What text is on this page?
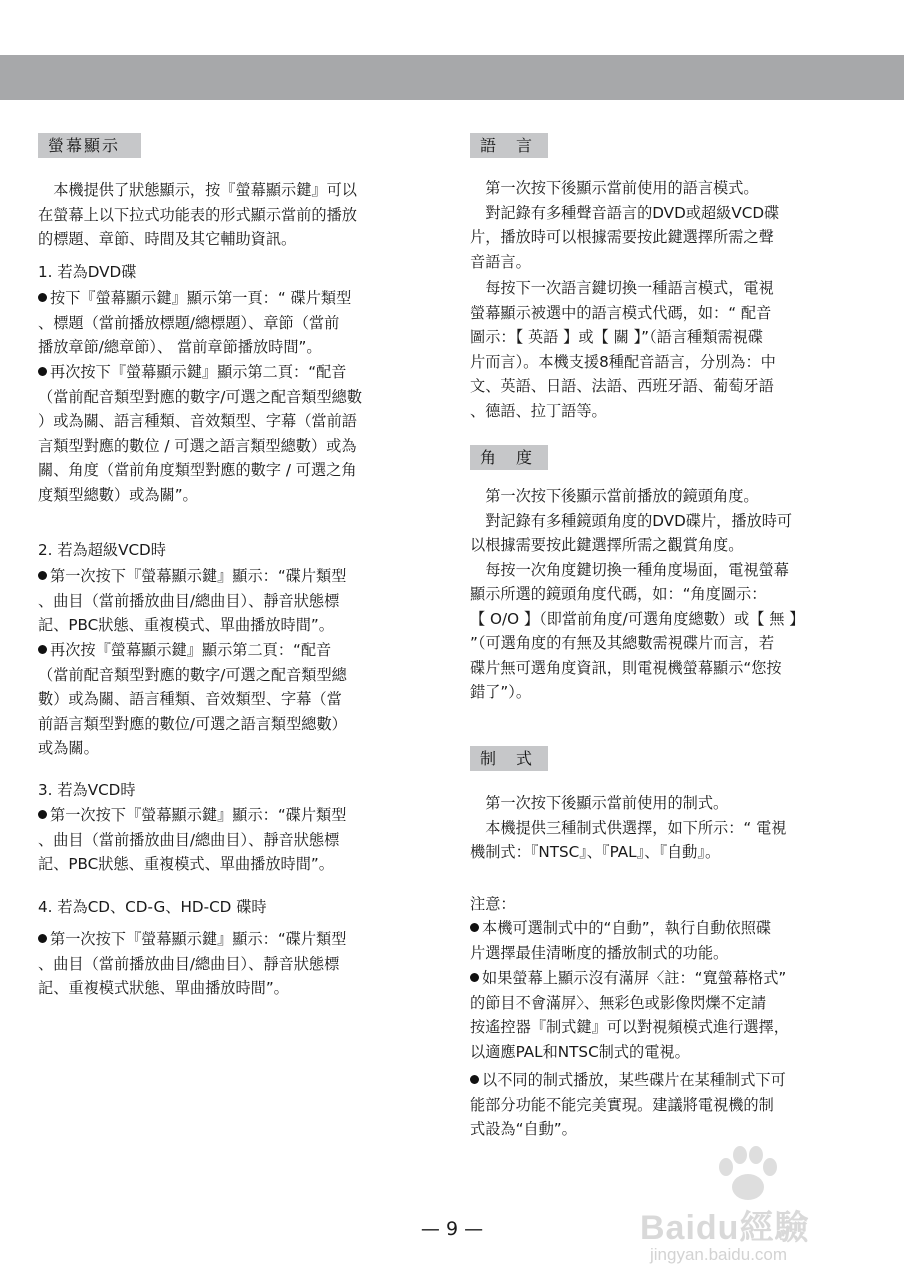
螢幕顯示
　本機提供了狀態顯示，按『螢幕顯示鍵』可以
在螢幕上以下拉式功能表的形式顯示當前的播放
的標題、章節、時間及其它輔助資訊。
1. 若為DVD碟
按下『螢幕顯示鍵』顯示第一頁：“ 碟片類型
、標題（當前播放標題/總標題）、章節（當前
播放章節/總章節）、 當前章節播放時間”。
再次按下『螢幕顯示鍵』顯示第二頁：“配音
（當前配音類型對應的數字/可選之配音類型總數
）或為關、語言種類、音效類型、字幕（當前語
言類型對應的數位 / 可選之語言類型總數）或為
關、角度（當前角度類型對應的數字 / 可選之角
度類型總數）或為關”。
2. 若為超級VCD時
第一次按下『螢幕顯示鍵』顯示：“碟片類型
、曲目（當前播放曲目/總曲目）、靜音狀態標
記、PBC狀態、重複模式、單曲播放時間”。
再次按『螢幕顯示鍵』顯示第二頁：“配音
（當前配音類型對應的數字/可選之配音類型總
數）或為關、語言種類、音效類型、字幕（當
前語言類型對應的數位/可選之語言類型總數）
或為關。
3. 若為VCD時
第一次按下『螢幕顯示鍵』顯示：“碟片類型
、曲目（當前播放曲目/總曲目）、靜音狀態標
記、PBC狀態、重複模式、單曲播放時間”。
4. 若為CD、CD-G、HD-CD 碟時
第一次按下『螢幕顯示鍵』顯示：“碟片類型
、曲目（當前播放曲目/總曲目）、靜音狀態標
記、重複模式狀態、單曲播放時間”。
語　言
　第一次按下後顯示當前使用的語言模式。
　對記錄有多種聲音語言的DVD或超級VCD碟
片，播放時可以根據需要按此鍵選擇所需之聲
音語言。
　每按下一次語言鍵切換一種語言模式，電視
螢幕顯示被選中的語言模式代碼，如：“ 配音
圖示：【 英語 】或【 關 】”（語言種類需視碟
片而言）。本機支援8種配音語言，分別為：中
文、英語、日語、法語、西班牙語、葡萄牙語
、德語、拉丁語等。
角　度
　第一次按下後顯示當前播放的鏡頭角度。
　對記錄有多種鏡頭角度的DVD碟片，播放時可
以根據需要按此鍵選擇所需之觀賞角度。
　每按一次角度鍵切換一種角度場面，電視螢幕
顯示所選的鏡頭角度代碼，如：“角度圖示：
【 O/O 】（即當前角度/可選角度總數）或【 無 】
”（可選角度的有無及其總數需視碟片而言，若
碟片無可選角度資訊，則電視機螢幕顯示“您按
錯了”）。
制　式
　第一次按下後顯示當前使用的制式。
　本機提供三種制式供選擇，如下所示：“ 電視
機制式：『NTSC』、『PAL』、『自動』。
注意：
本機可選制式中的“自動”，執行自動依照碟
片選擇最佳清晰度的播放制式的功能。
如果螢幕上顯示沒有滿屏〈註：“寬螢幕格式”
的節目不會滿屏〉、無彩色或影像閃爍不定請
按遙控器『制式鍵』可以對視頻模式進行選擇，
以適應PAL和NTSC制式的電視。
以不同的制式播放，某些碟片在某種制式下可
能部分功能不能完美實現。建議將電視機的制
式設為“自動”。
— 9 —	Baidu經驗
jingyan.baidu.com
